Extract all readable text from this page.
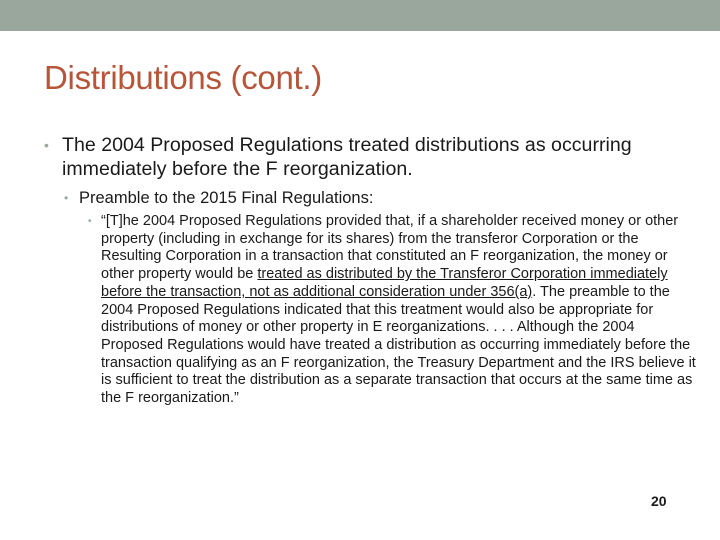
Distributions (cont.)
• The 2004 Proposed Regulations treated distributions as occurring immediately before the F reorganization.
• Preamble to the 2015 Final Regulations:
• “[T]he 2004 Proposed Regulations provided that, if a shareholder received money or other property (including in exchange for its shares) from the transferor Corporation or the Resulting Corporation in a transaction that constituted an F reorganization, the money or other property would be treated as distributed by the Transferor Corporation immediately before the transaction, not as additional consideration under 356(a). The preamble to the 2004 Proposed Regulations indicated that this treatment would also be appropriate for distributions of money or other property in E reorganizations. . . . Although the 2004 Proposed Regulations would have treated a distribution as occurring immediately before the transaction qualifying as an F reorganization, the Treasury Department and the IRS believe it is sufficient to treat the distribution as a separate transaction that occurs at the same time as the F reorganization.”
20
